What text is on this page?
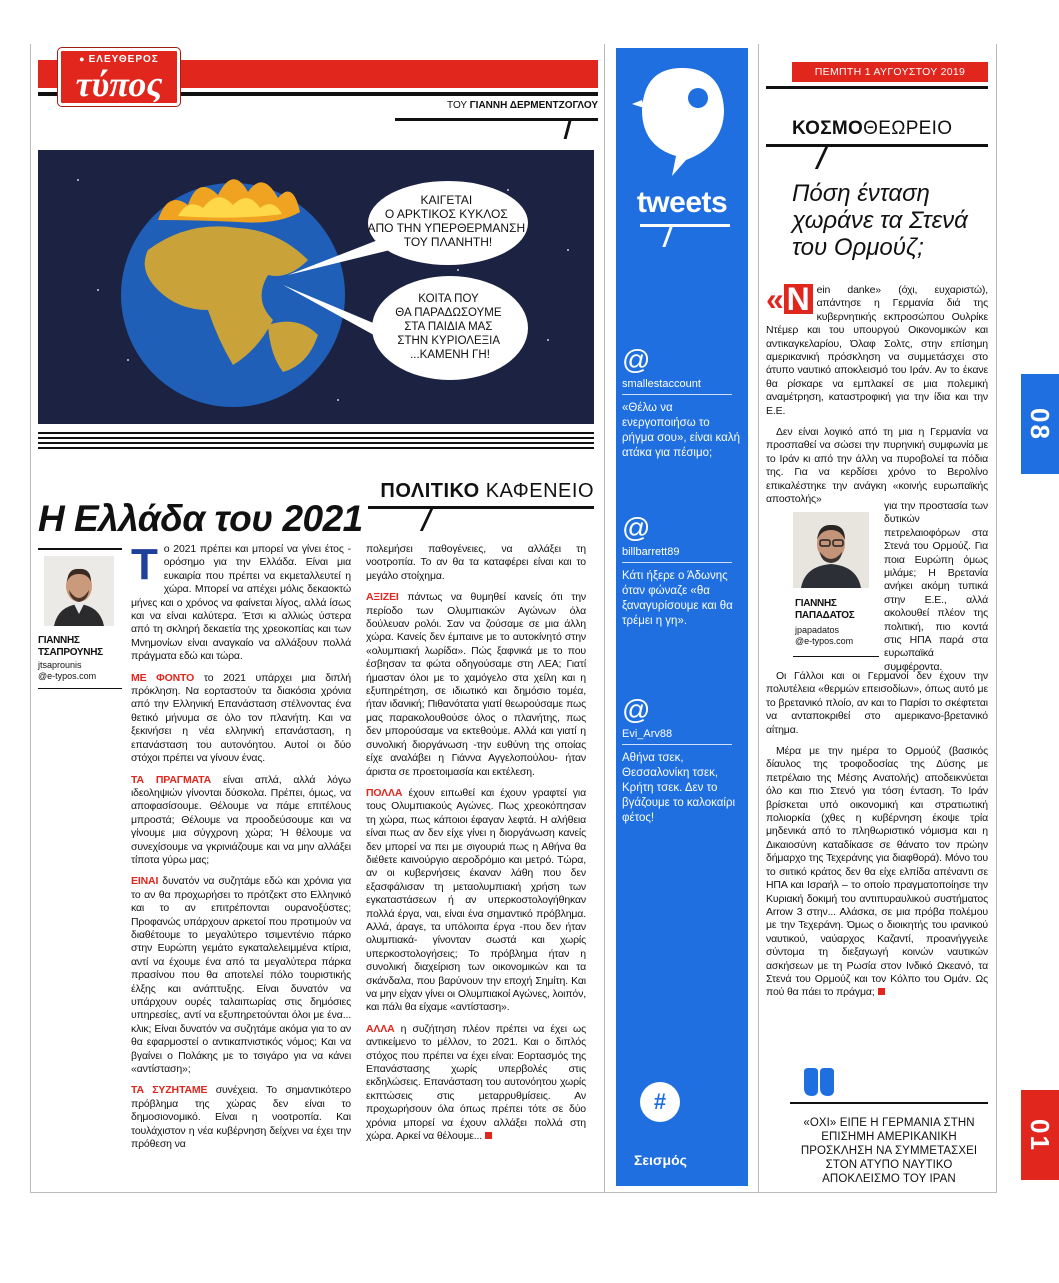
● ΕΛΕΥΘΕΡΟΣ
τύπος
ΤΟΥ ΓΙΑΝΝΗ ΔΕΡΜΕΝΤΖΟΓΛΟΥ
ΚΑΙΓΕΤΑΙ Ο ΑΡΚΤΙΚΟΣ ΚΥΚΛΟΣ ΑΠΟ ΤΗΝ ΥΠΕΡΘΕΡΜΑΝΣΗ ΤΟΥ ΠΛΑΝΗΤΗ!
ΚΟΙΤΑ ΠΟΥ ΘΑ ΠΑΡΑΔΩΣΟΥΜΕ ΣΤΑ ΠΑΙΔΙΑ ΜΑΣ ΣΤΗΝ ΚΥΡΙΟΛΕΞΙΑ ...ΚΑΜΕΝΗ ΓΗ!
ΠΟΛΙΤΙΚΟ ΚΑΦΕΝΕΙΟ
Η Ελλάδα του 2021
ΓΙΑΝΝΗΣ
ΤΣΑΠΡΟΥΝΗΣ
jtsaprounis
@e-typos.com

Το 2021 πρέπει και μπορεί να γίνει έτος - ορόσημο για την Ελλάδα. Είναι μια ευκαιρία που πρέπει να εκμεταλλευτεί η χώρα. Μπορεί να απέχει μόλις δεκαοκτώ μήνες και ο χρόνος να φαίνεται λίγος, αλλά ίσως και να είναι καλύτερα. Έτσι κι αλλιώς ύστερα από τη σκληρή δεκαετία της χρεοκοπίας και των Μνημονίων είναι αναγκαίο να αλλάξουν πολλά πράγματα εδώ και τώρα.

ΜΕ ΦΟΝΤΟ το 2021 υπάρχει μια διπλή πρόκληση. Να εορταστούν τα διακόσια χρόνια από την Ελληνική Επανάσταση στέλνοντας ένα θετικό μήνυμα σε όλο τον πλανήτη. Και να ξεκινήσει η νέα ελληνική επανάσταση, η επανάσταση του αυτονόητου. Αυτοί οι δύο στόχοι πρέπει να γίνουν ένας.

ΤΑ ΠΡΑΓΜΑΤΑ είναι απλά, αλλά λόγω ιδεοληψιών γίνονται δύσκολα. Πρέπει, όμως, να αποφασίσουμε. Θέλουμε να πάμε επιτέλους μπροστά; Θέλουμε να προοδεύσουμε και να γίνουμε μια σύγχρονη χώρα; Ή θέλουμε να συνεχίσουμε να γκρινιάζουμε και να μην αλλάξει τίποτα γύρω μας;

ΕΙΝΑΙ δυνατόν να συζητάμε εδώ και χρόνια για το αν θα προχωρήσει το πρότζεκτ στο Ελληνικό και το αν επιτρέπονται ουρανοξύστες; Προφανώς υπάρχουν αρκετοί που προτιμούν να διαθέτουμε το μεγαλύτερο τσιμεντένιο πάρκο στην Ευρώπη γεμάτο εγκαταλελειμμένα κτίρια, αντί να έχουμε ένα από τα μεγαλύτερα πάρκα πρασίνου που θα αποτελεί πόλο τουριστικής έλξης και ανάπτυξης. Είναι δυνατόν να υπάρχουν ουρές ταλαιπωρίας στις δημόσιες υπηρεσίες, αντί να εξυπηρετούνται όλοι με ένα... κλικ; Είναι δυνατόν να συζητάμε ακόμα για το αν θα εφαρμοστεί ο αντικαπνιστικός νόμος; Και να βγαίνει ο Πολάκης με το τσιγάρο για να κάνει «αντίσταση»;

ΤΑ ΣΥΖΗΤΑΜΕ συνέχεια. Το σημαντικότερο πρόβλημα της χώρας δεν είναι το δημοσιονομικό. Είναι η νοοτροπία. Και τουλάχιστον η νέα κυβέρνηση δείχνει να έχει την πρόθεση να

πολεμήσει παθογένειες, να αλλάξει τη νοοτροπία. Το αν θα τα καταφέρει είναι και το μεγάλο στοίχημα.

ΑΞΙΖΕΙ πάντως να θυμηθεί κανείς ότι την περίοδο των Ολυμπιακών Αγώνων όλα δούλευαν ρολόι. Σαν να ζούσαμε σε μια άλλη χώρα. Κανείς δεν έμπαινε με το αυτοκίνητό στην «ολυμπιακή λωρίδα». Πώς ξαφνικά με το που έσβησαν τα φώτα οδηγούσαμε στη ΛΕΑ; Γιατί ήμασταν όλοι με το χαμόγελο στα χείλη και η εξυπηρέτηση, σε ιδιωτικό και δημόσιο τομέα, ήταν ιδανική; Πιθανότατα γιατί θεωρούσαμε πως μας παρακολουθούσε όλος ο πλανήτης, πως δεν μπορούσαμε να εκτεθούμε. Αλλά και γιατί η συνολική διοργάνωση -την ευθύνη της οποίας είχε αναλάβει η Γιάννα Αγγελοπούλου- ήταν άριστα σε προετοιμασία και εκτέλεση.

ΠΟΛΛΑ έχουν ειπωθεί και έχουν γραφτεί για τους Ολυμπιακούς Αγώνες. Πως χρεοκόπησαν τη χώρα, πως κάποιοι έφαγαν λεφτά. Η αλήθεια είναι πως αν δεν είχε γίνει η διοργάνωση κανείς δεν μπορεί να πει με σιγουριά πως η Αθήνα θα διέθετε καινούργιο αεροδρόμιο και μετρό. Τώρα, αν οι κυβερνήσεις έκαναν λάθη που δεν εξασφάλισαν τη μεταολυμπιακή χρήση των εγκαταστάσεων ή αν υπερκοστολογήθηκαν πολλά έργα, ναι, είναι ένα σημαντικό πρόβλημα. Αλλά, άραγε, τα υπόλοιπα έργα -που δεν ήταν ολυμπιακά- γίνονταν σωστά και χωρίς υπερκοστολογήσεις; Το πρόβλημα ήταν η συνολική διαχείριση των οικονομικών και τα σκάνδαλα, που βαρύνουν την εποχή Σημίτη. Και να μην είχαν γίνει οι Ολυμπιακοί Αγώνες, λοιπόν, και πάλι θα είχαμε «αντίσταση».

ΑΛΛΑ η συζήτηση πλέον πρέπει να έχει ως αντικείμενο το μέλλον, το 2021. Και ο διπλός στόχος που πρέπει να έχει είναι: Εορτασμός της Επανάστασης χωρίς υπερβολές στις εκδηλώσεις. Επανάσταση του αυτονόητου χωρίς εκπτώσεις στις μεταρρυθμίσεις. Αν προχωρήσουν όλα όπως πρέπει τότε σε δύο χρόνια μπορεί να έχουν αλλάξει πολλά στη χώρα. Αρκεί να θέλουμε...

tweets
@
smallestaccount
«Θέλω να ενεργοποιήσω το ρήγμα σου», είναι καλή ατάκα για πέσιμο;
@
billbarrett89
Κάτι ήξερε ο Άδωνης όταν φώναζε «θα ξαναγυρίσουμε και θα τρέμει η γη».
@
Evi_Arv88
Αθήνα τσεκ, Θεσσαλονίκη τσεκ, Κρήτη τσεκ. Δεν το βγάζουμε το καλοκαίρι φέτος!
#
Σεισμός
ΠΕΜΠΤΗ 1 ΑΥΓΟΥΣΤΟΥ 2019
ΚΟΣΜΟΘΕΩΡΕΙΟ
Πόση ένταση χωράνε τα Στενά του Ορμούζ;

«N ein danke» (όχι, ευχαριστώ), απάντησε η Γερμανία διά της κυβερνητικής εκπροσώπου Ουλρίκε Ντέμερ και του υπουργού Οικονομικών και αντικαγκελαρίου, Όλαφ Σολτς, στην επίσημη αμερικανική πρόσκληση να συμμετάσχει στο άτυπο ναυτικό αποκλεισμό του Ιράν. Αν το έκανε θα ρίσκαρε να εμπλακεί σε μια πολεμική αναμέτρηση, καταστροφική για την ίδια και την Ε.Ε.

Δεν είναι λογικό από τη μια η Γερμανία να προσπαθεί να σώσει την πυρηνική συμφωνία με το Ιράν κι από την άλλη να πυροβολεί τα πόδια της. Για να κερδίσει χρόνο το Βερολίνο επικαλέστηκε την ανάγκη «κοινής ευρωπαϊκής αποστολής»

ΓΙΑΝΝΗΣ
ΠΑΠΑΔΑΤΟΣ
jpapadatos
@e-typos.com

για την προστασία των δυτικών πετρελαιοφόρων στα Στενά του Ορμούζ. Για ποια Ευρώπη όμως μιλάμε; Η Βρετανία ανήκει ακόμη τυπικά στην Ε.Ε., αλλά ακολουθεί πλέον της πολιτική, πιο κοντά στις ΗΠΑ παρά στα ευρωπαϊκά συμφέροντα.

Οι Γάλλοι και οι Γερμανοί δεν έχουν την πολυτέλεια «θερμών επεισοδίων», όπως αυτό με το βρετανικό πλοίο, αν και το Παρίσι το σκέφτεται να ανταποκριθεί στο αμερικανο-βρετανικό αίτημα.

Μέρα με την ημέρα το Ορμούζ (βασικός δίαυλος της τροφοδοσίας της Δύσης με πετρέλαιο της Μέσης Ανατολής) αποδεικνύεται όλο και πιο Στενό για τόση ένταση. Το Ιράν βρίσκεται υπό οικονομική και στρατιωτική πολιορκία (χθες η κυβέρνηση έκοψε τρία μηδενικά από το πληθωριστικό νόμισμα και η Δικαιοσύνη καταδίκασε σε θάνατο τον πρώην δήμαρχο της Τεχεράνης για διαφθορά). Μόνο του το σιιτικό κράτος δεν θα είχε ελπίδα απέναντι σε ΗΠΑ και Ισραήλ – το οποίο πραγματοποίησε την Κυριακή δοκιμή του αντιπυραυλικού συστήματος Arrow 3 στην... Αλάσκα, σε μια πρόβα πολέμου με την Τεχεράνη. Όμως ο διοικητής του ιρανικού ναυτικού, ναύαρχος Καζαντί, προανήγγειλε σύντομα τη διεξαγωγή κοινών ναυτικών ασκήσεων με τη Ρωσία στον Ινδικό Ωκεανό, τα Στενά του Ορμούζ και τον Κόλπο του Ομάν. Ως πού θα πάει το πράγμα;

«ΟΧΙ» ΕΙΠΕ Η ΓΕΡΜΑΝΙΑ ΣΤΗΝ ΕΠΙΣΗΜΗ ΑΜΕΡΙΚΑΝΙΚΗ ΠΡΟΣΚΛΗΣΗ ΝΑ ΣΥΜΜΕΤΑΣΧΕΙ ΣΤΟΝ ΑΤΥΠΟ ΝΑΥΤΙΚΟ ΑΠΟΚΛΕΙΣΜΟ ΤΟΥ ΙΡΑΝ
08
01
